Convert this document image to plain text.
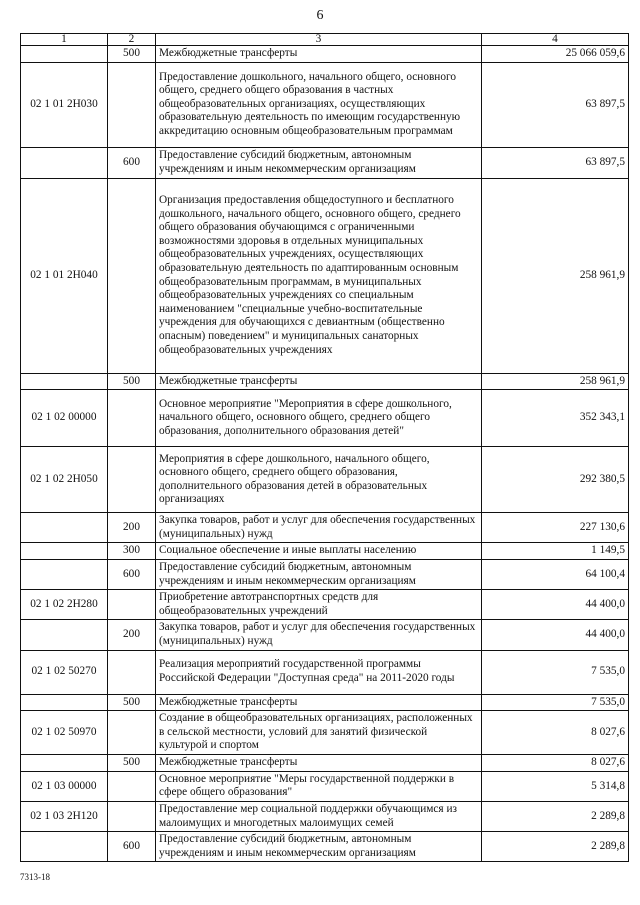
6
1	2	3	4
	500	Межбюджетные трансферты	25 066 059,6
02 1 01 2Н030		Предоставление дошкольного, начального общего, основного общего, среднего общего образования в частных общеобразовательных организациях, осуществляющих образовательную деятельность по имеющим государственную аккредитацию основным общеобразовательным программам	63 897,5
	600	Предоставление субсидий бюджетным, автономным учреждениям и иным некоммерческим организациям	63 897,5
02 1 01 2Н040		Организация предоставления общедоступного и бесплатного дошкольного, начального общего, основного общего, среднего общего образования обучающимся с ограниченными возможностями здоровья в отдельных муниципальных общеобразовательных учреждениях, осуществляющих образовательную деятельность по адаптированным основным общеобразовательным программам, в муниципальных общеобразовательных учреждениях со специальным наименованием "специальные учебно-воспитательные учреждения для обучающихся с девиантным (общественно опасным) поведением" и муниципальных санаторных общеобразовательных учреждениях	258 961,9
	500	Межбюджетные трансферты	258 961,9
02 1 02 00000		Основное мероприятие "Мероприятия в сфере дошкольного, начального общего, основного общего, среднего общего образования, дополнительного образования детей"	352 343,1
02 1 02 2Н050		Мероприятия в сфере дошкольного, начального общего, основного общего, среднего общего образования, дополнительного образования детей в образовательных организациях	292 380,5
	200	Закупка товаров, работ и услуг для обеспечения государственных (муниципальных) нужд	227 130,6
	300	Социальное обеспечение и иные выплаты населению	1 149,5
	600	Предоставление субсидий бюджетным, автономным учреждениям и иным некоммерческим организациям	64 100,4
02 1 02 2Н280		Приобретение автотранспортных средств для общеобразовательных учреждений	44 400,0
	200	Закупка товаров, работ и услуг для обеспечения государственных (муниципальных) нужд	44 400,0
02 1 02 50270		Реализация мероприятий государственной программы Российской Федерации "Доступная среда" на 2011-2020 годы	7 535,0
	500	Межбюджетные трансферты	7 535,0
02 1 02 50970		Создание в общеобразовательных организациях, расположенных в сельской местности, условий для занятий физической культурой и спортом	8 027,6
	500	Межбюджетные трансферты	8 027,6
02 1 03 00000		Основное мероприятие "Меры государственной поддержки в сфере общего образования"	5 314,8
02 1 03 2Н120		Предоставление мер социальной поддержки обучающимся из малоимущих и многодетных малоимущих семей	2 289,8
	600	Предоставление субсидий бюджетным, автономным учреждениям и иным некоммерческим организациям	2 289,8
7313-18
